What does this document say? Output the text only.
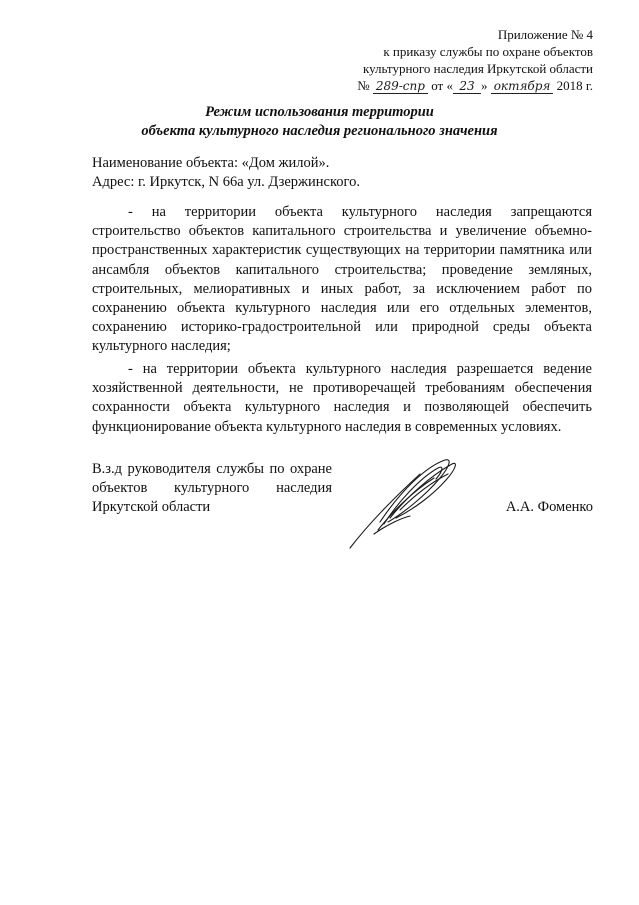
Приложение № 4
к приказу службы по охране объектов
культурного наследия Иркутской области
№ 289-спр от « 23 » октября 2018 г.
Режим использования территории
объекта культурного наследия регионального значения
Наименование объекта: «Дом жилой».
Адрес: г. Иркутск, N 66а ул. Дзержинского.
- на территории объекта культурного наследия запрещаются строительство объектов капитального строительства и увеличение объемно-пространственных характеристик существующих на территории памятника или ансамбля объектов капитального строительства; проведение земляных, строительных, мелиоративных и иных работ, за исключением работ по сохранению объекта культурного наследия или его отдельных элементов, сохранению историко-градостроительной или природной среды объекта культурного наследия;
- на территории объекта культурного наследия разрешается ведение хозяйственной деятельности, не противоречащей требованиям обеспечения сохранности объекта культурного наследия и позволяющей обеспечить функционирование объекта культурного наследия в современных условиях.
В.з.д руководителя службы по охране объектов культурного наследия Иркутской области	А.А. Фоменко
